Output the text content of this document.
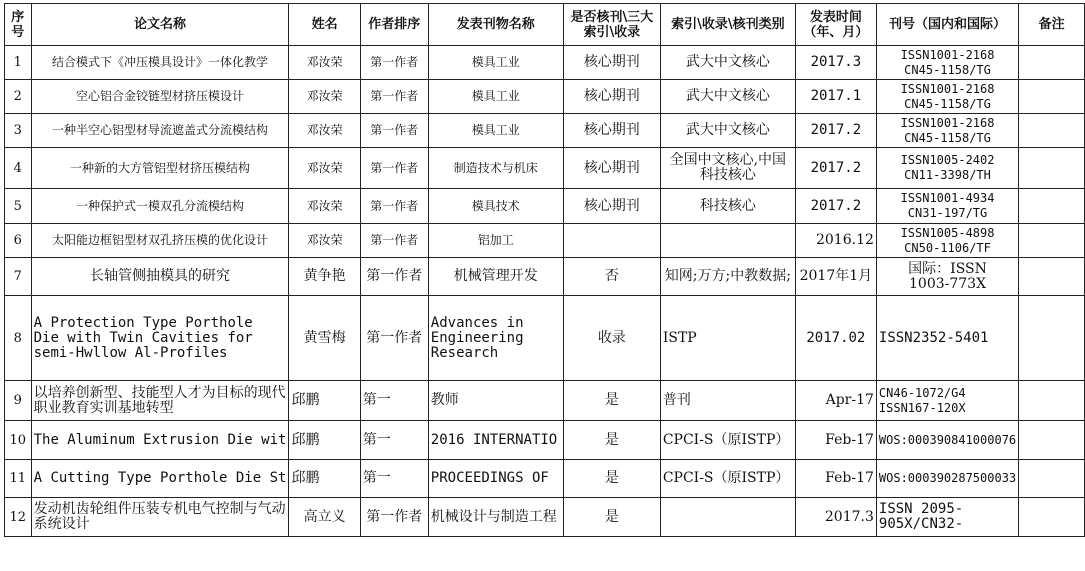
序号	论文名称	姓名	作者排序	发表刊物名称	是否核刊\三大索引\收录	索引\收录\核刊类别	发表时间（年、月）	刊号（国内和国际）	备注
1	结合模式下《冲压模具设计》一体化教学	邓汝荣	第一作者	模具工业	核心期刊	武大中文核心	2017.3	ISSN1001-2168
CN45-1158/TG	
2	空心铝合金铰链型材挤压模设计	邓汝荣	第一作者	模具工业	核心期刊	武大中文核心	2017.1	ISSN1001-2168
CN45-1158/TG	
3	一种半空心铝型材导流遮盖式分流模结构	邓汝荣	第一作者	模具工业	核心期刊	武大中文核心	2017.2	ISSN1001-2168
CN45-1158/TG	
4	一种新的大方管铝型材挤压模结构	邓汝荣	第一作者	制造技术与机床	核心期刊	全国中文核心,中国科技核心	2017.2	ISSN1005-2402
CN11-3398/TH	
5	一种保护式一模双孔分流模结构	邓汝荣	第一作者	模具技术	核心期刊	科技核心	2017.2	ISSN1001-4934
CN31-197/TG	
6	太阳能边框铝型材双孔挤压模的优化设计	邓汝荣	第一作者	铝加工			2016.12	ISSN1005-4898
CN50-1106/TF	
7	长轴管侧抽模具的研究	黄争艳	第一作者	机械管理开发	否	知网;万方;中教数据;	2017年1月	国际：ISSN
1003-773X	
8	A Protection Type Porthole
Die with Twin Cavities for
semi-Hwllow Al-Profiles	黄雪梅	第一作者	Advances in
Engineering
Research	收录	ISTP	2017.02	ISSN2352-5401	
9	以培养创新型、技能型人才为目标的现代职业教育实训基地转型	邱鹏	第一	教师	是	普刊	Apr-17	CN46-1072/G4
ISSN167-120X	
10	The Aluminum Extrusion Die wit	邱鹏	第一	2016 INTERNATIO	是	CPCI-S（原ISTP）	Feb-17	WOS:000390841000076	
11	A Cutting Type Porthole Die St	邱鹏	第一	PROCEEDINGS OF	是	CPCI-S（原ISTP）	Feb-17	WOS:000390287500033	
12	发动机齿轮组件压装专机电气控制与气动系统设计	高立义	第一作者	机械设计与制造工程	是		2017.3	ISSN 2095-
905X/CN32-	
